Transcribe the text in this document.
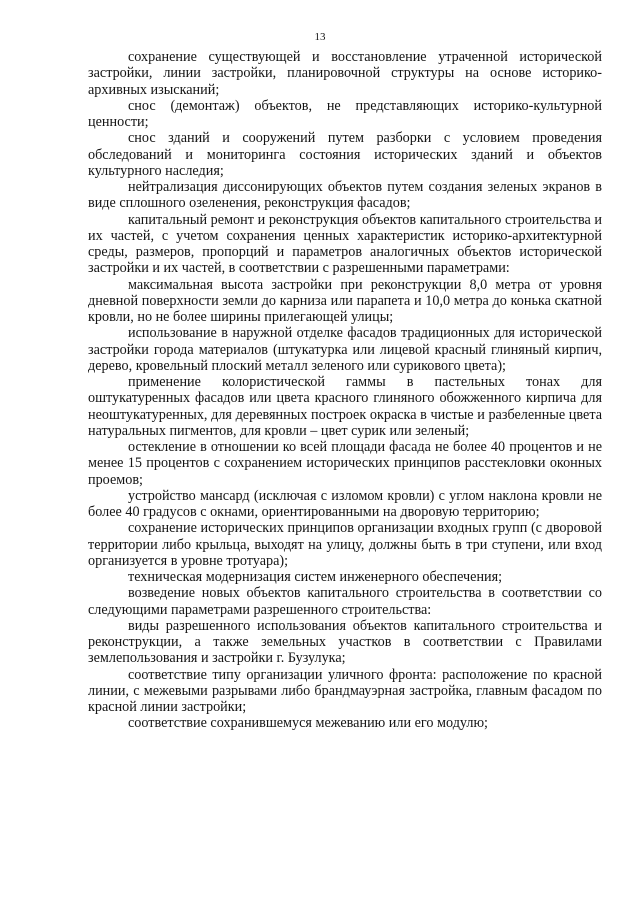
13

сохранение существующей и восстановление утраченной исторической застройки, линии застройки, планировочной структуры на основе историко-архивных изысканий;

снос (демонтаж) объектов, не представляющих историко-культурной ценности;

снос зданий и сооружений путем разборки с условием проведения обследований и мониторинга состояния исторических зданий и объектов культурного наследия;

нейтрализация диссонирующих объектов путем создания зеленых экранов в виде сплошного озеленения, реконструкция фасадов;

капитальный ремонт и реконструкция объектов капитального строительства и их частей, с учетом сохранения ценных характеристик историко-архитектурной среды, размеров, пропорций и параметров аналогичных объектов исторической застройки и их частей, в соответствии с разрешенными параметрами:

максимальная высота застройки при реконструкции 8,0 метра от уровня дневной поверхности земли до карниза или парапета и 10,0 метра до конька скатной кровли, но не более ширины прилегающей улицы;

использование в наружной отделке фасадов традиционных для исторической застройки города материалов (штукатурка или лицевой красный глиняный кирпич, дерево, кровельный плоский металл зеленого или сурикового цвета);

применение колористической гаммы в пастельных тонах для оштукатуренных фасадов или цвета красного глиняного обожженного кирпича для неоштукатуренных, для деревянных построек окраска в чистые и разбеленные цвета натуральных пигментов, для кровли – цвет сурик или зеленый;

остекление в отношении ко всей площади фасада не более 40 процентов и не менее 15 процентов с сохранением исторических принципов расстекловки оконных проемов;

устройство мансард (исключая с изломом кровли) с углом наклона кровли не более 40 градусов с окнами, ориентированными на дворовую территорию;

сохранение исторических принципов организации входных групп (с дворовой территории либо крыльца, выходят на улицу, должны быть в три ступени, или вход организуется в уровне тротуара);

техническая модернизация систем инженерного обеспечения;

возведение новых объектов капитального строительства в соответствии со следующими параметрами разрешенного строительства:

виды разрешенного использования объектов капитального строительства и реконструкции, а также земельных участков в соответствии с Правилами землепользования и застройки г. Бузулука;

соответствие типу организации уличного фронта: расположение по красной линии, с межевыми разрывами либо брандмауэрная застройка, главным фасадом по красной линии застройки;

соответствие сохранившемуся межеванию или его модулю;
